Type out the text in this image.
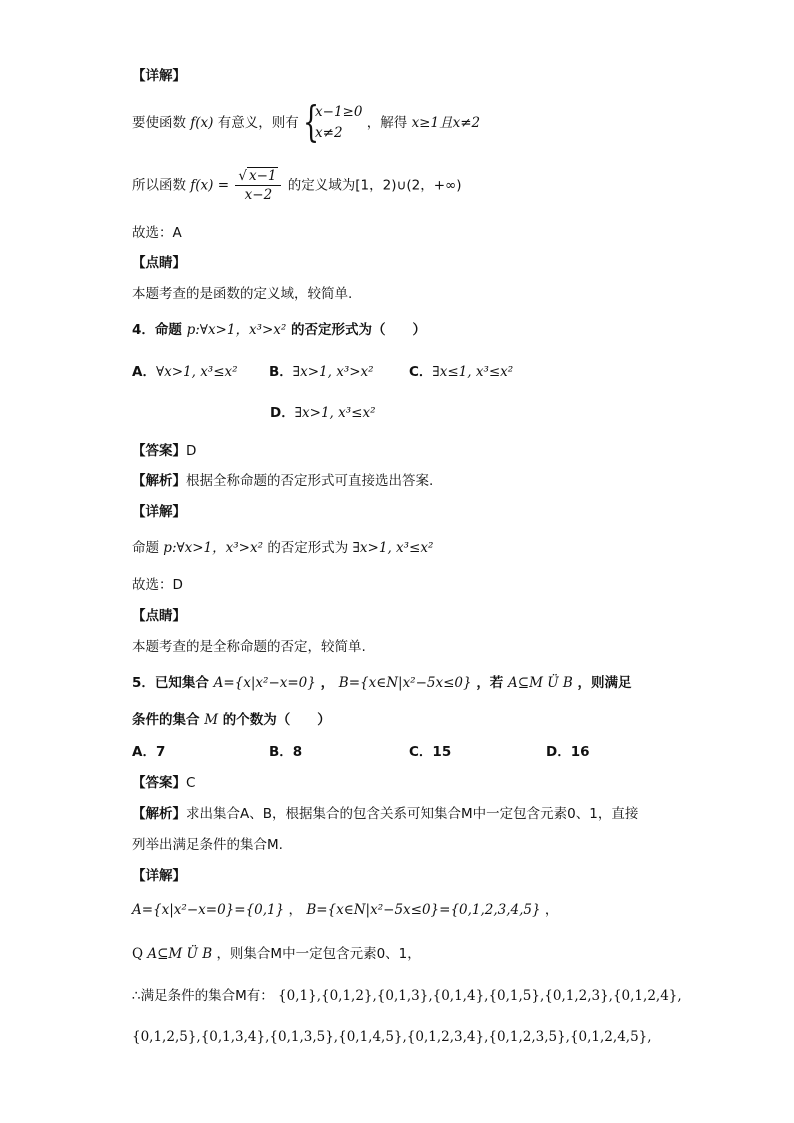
【详解】
要使函数 f(x) 有意义，则有 {
x−1≥0
x≠2
，解得 x≥1且x≠2
所以函数 $f(x) = \frac{√ x-1}{x-2}$ 的定义域为[1，2)∪(2，+∞)
故选：A
【点睛】
本题考查的是函数的定义域，较简单.
4．命题 p:∀x>1，x³>x² 的否定形式为（　　）
A．∀x>1, x³≤x² B．∃x>1, x³>x²	C．∃x≤1, x³≤x²
D．∃x>1, x³≤x²
【答案】D
【解析】根据全称命题的否定形式可直接选出答案.
【详解】
命题 p:∀x>1，x³>x² 的否定形式为 ∃x>1, x³≤x²
故选：D
【点睛】
本题考查的是全称命题的否定，较简单.
5．已知集合 A={x|x²−x=0} ， B={x∈N|x²−5x≤0} ，若 A⊆M Ü B ，则满足
条件的集合 M 的个数为（　　）
A．7	B．8	C．15	D．16
【答案】C
【解析】求出集合A、B，根据集合的包含关系可知集合M中一定包含元素0、1，直接
列举出满足条件的集合M.
【详解】
A={x|x²−x=0}={0,1} ， B={x∈N|x²−5x≤0}={0,1,2,3,4,5} ，
Q A⊆M Ü B ，则集合M中一定包含元素0、1，
∴满足条件的集合M有： {0,1},{0,1,2},{0,1,3},{0,1,4},{0,1,5},{0,1,2,3},{0,1,2,4},
{0,1,2,5},{0,1,3,4},{0,1,3,5},{0,1,4,5},{0,1,2,3,4},{0,1,2,3,5},{0,1,2,4,5},
